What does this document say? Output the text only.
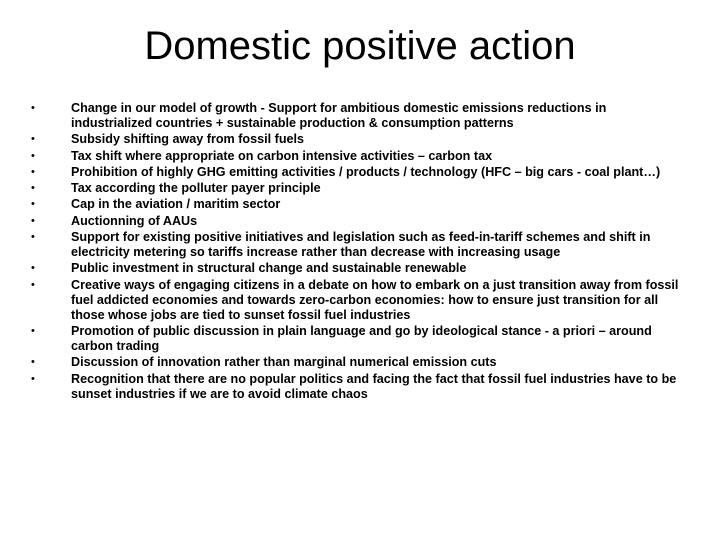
Domestic positive action
•	Change in our model of growth - Support for ambitious domestic emissions reductions in industrialized countries + sustainable production & consumption patterns
•	Subsidy shifting away from fossil fuels
•	Tax shift where appropriate on carbon intensive activities – carbon tax
•	Prohibition of highly GHG emitting activities / products / technology (HFC – big cars - coal plant…)
•	Tax according the polluter payer principle
•	Cap in the aviation / maritim sector
•	Auctionning of AAUs
•	Support for existing positive initiatives and legislation such as feed-in-tariff schemes and shift in electricity metering so tariffs increase rather than decrease with increasing usage
•	Public investment in structural change and sustainable renewable
•	Creative ways of engaging citizens in a debate on how to embark on a just transition away from fossil fuel addicted economies and towards zero-carbon economies: how to ensure just transition for all those whose jobs are tied to sunset fossil fuel industries
•	Promotion of public discussion in plain language and go by ideological stance - a priori – around carbon trading
•	Discussion of innovation rather than marginal numerical emission cuts
•	Recognition that there are no popular politics and facing the fact that fossil fuel industries have to be sunset industries if we are to avoid climate chaos
